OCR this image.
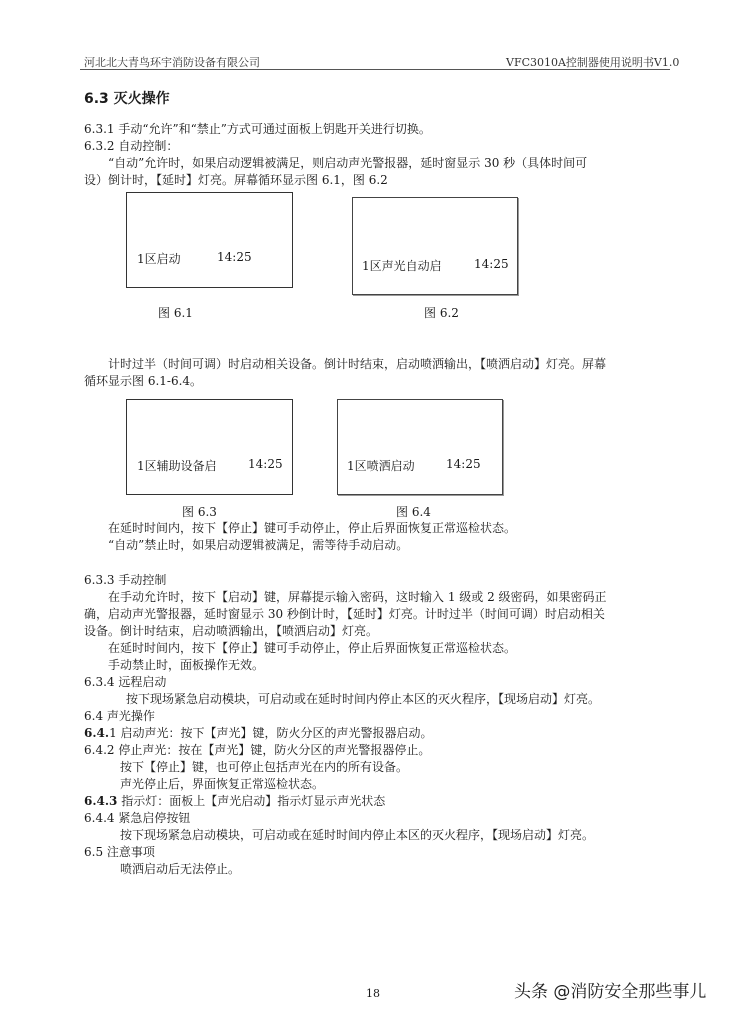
河北北大青鸟环宇消防设备有限公司	VFC3010A控制器使用说明书V1.0
6.3 灭火操作
6.3.1 手动“允许”和“禁止”方式可通过面板上钥匙开关进行切换。
6.3.2 自动控制：
“自动”允许时，如果启动逻辑被满足，则启动声光警报器，延时窗显示 30 秒（具体时间可
设）倒计时，【延时】灯亮。屏幕循环显示图 6.1，图 6.2
1区启动	14:25
图 6.1
1区声光自动启	14:25
图 6.2
计时过半（时间可调）时启动相关设备。倒计时结束，启动喷洒输出，【喷洒启动】灯亮。屏幕
循环显示图 6.1-6.4。
1区辅助设备启	14:25
图 6.3
1区喷洒启动	14:25
图 6.4
在延时时间内，按下【停止】键可手动停止，停止后界面恢复正常巡检状态。
“自动”禁止时，如果启动逻辑被满足，需等待手动启动。
6.3.3 手动控制
在手动允许时，按下【启动】键，屏幕提示输入密码，这时输入 1 级或 2 级密码，如果密码正
确，启动声光警报器，延时窗显示 30 秒倒计时，【延时】灯亮。计时过半（时间可调）时启动相关
设备。倒计时结束，启动喷洒输出，【喷洒启动】灯亮。
在延时时间内，按下【停止】键可手动停止，停止后界面恢复正常巡检状态。
手动禁止时，面板操作无效。
6.3.4 远程启动
按下现场紧急启动模块，可启动或在延时时间内停止本区的灭火程序，【现场启动】灯亮。
6.4 声光操作
6.4.1 启动声光：按下【声光】键，防火分区的声光警报器启动。
6.4.2 停止声光：按在【声光】键，防火分区的声光警报器停止。
按下【停止】键，也可停止包括声光在内的所有设备。
声光停止后，界面恢复正常巡检状态。
6.4.3 指示灯：面板上【声光启动】指示灯显示声光状态
6.4.4 紧急启停按钮
按下现场紧急启动模块，可启动或在延时时间内停止本区的灭火程序，【现场启动】灯亮。
6.5 注意事项
喷洒启动后无法停止。
18	头条 @消防安全那些事儿
